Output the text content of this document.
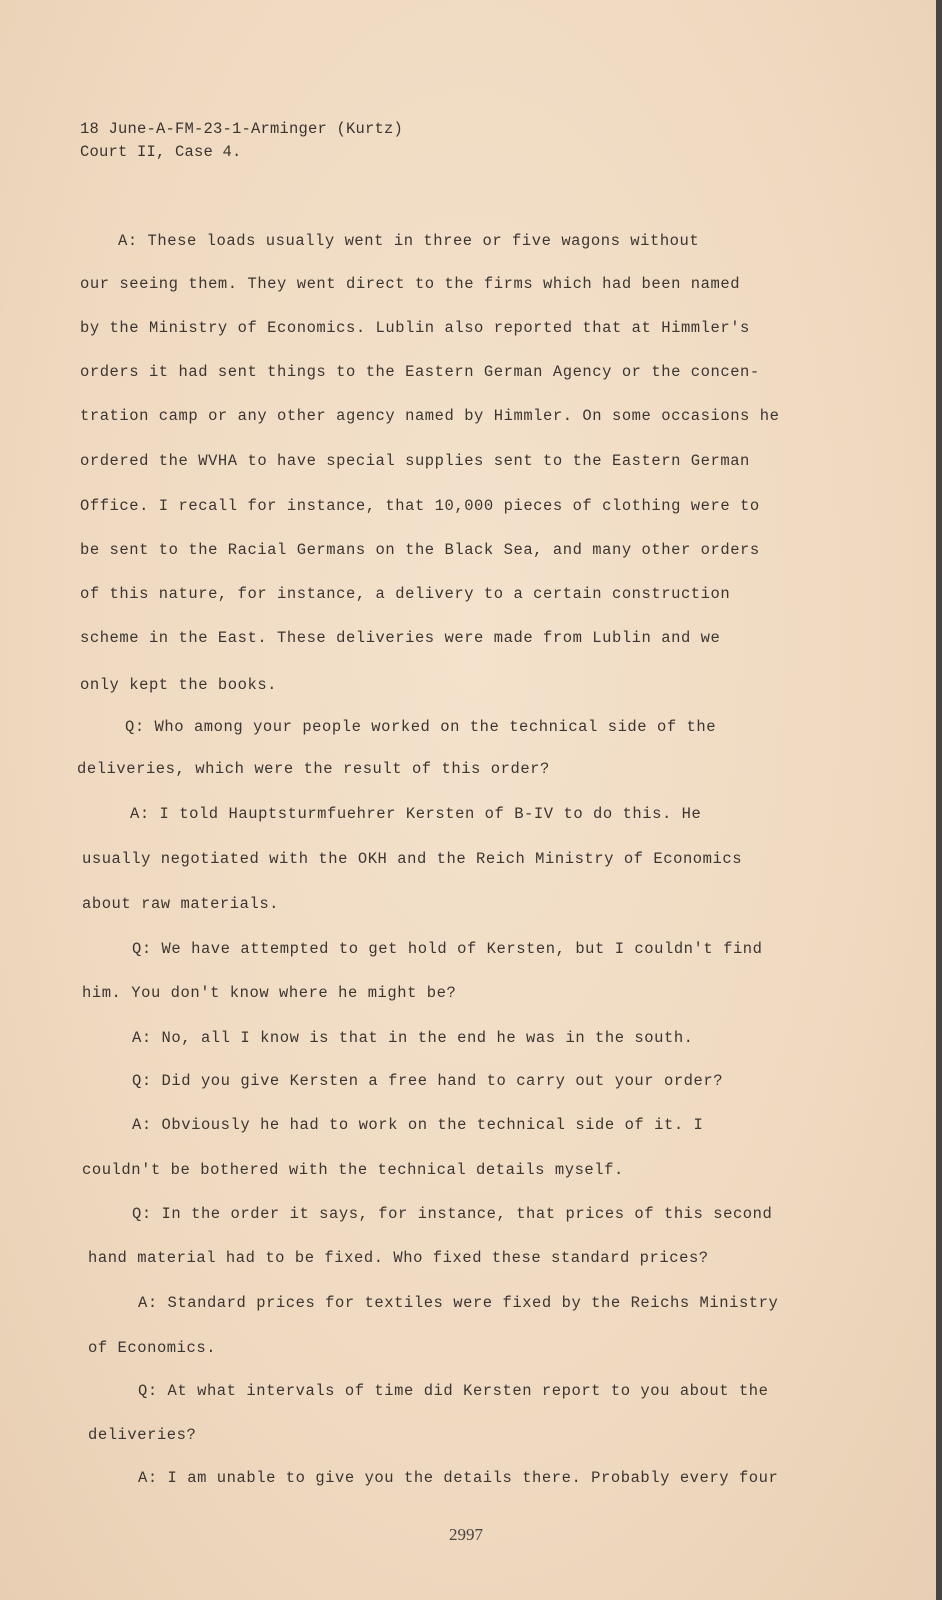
18 June-A-FM-23-1-Arminger (Kurtz)
Court II, Case 4.
A: These loads usually went in three or five wagons without
our seeing them. They went direct to the firms which had been named
by the Ministry of Economics. Lublin also reported that at Himmler's
orders it had sent things to the Eastern German Agency or the concen-
tration camp or any other agency named by Himmler. On some occasions he
ordered the WVHA to have special supplies sent to the Eastern German
Office. I recall for instance, that 10,000 pieces of clothing were to
be sent to the Racial Germans on the Black Sea, and many other orders
of this nature, for instance, a delivery to a certain construction
scheme in the East. These deliveries were made from Lublin and we
only kept the books.
Q: Who among your people worked on the technical side of the
deliveries, which were the result of this order?
A: I told Hauptsturmfuehrer Kersten of B-IV to do this. He
usually negotiated with the OKH and the Reich Ministry of Economics
about raw materials.
Q: We have attempted to get hold of Kersten, but I couldn't find
him. You don't know where he might be?
A: No, all I know is that in the end he was in the south.
Q: Did you give Kersten a free hand to carry out your order?
A: Obviously he had to work on the technical side of it. I
couldn't be bothered with the technical details myself.
Q: In the order it says, for instance, that prices of this second
hand material had to be fixed. Who fixed these standard prices?
A: Standard prices for textiles were fixed by the Reichs Ministry
of Economics.
Q: At what intervals of time did Kersten report to you about the
deliveries?
A: I am unable to give you the details there. Probably every four
2997
